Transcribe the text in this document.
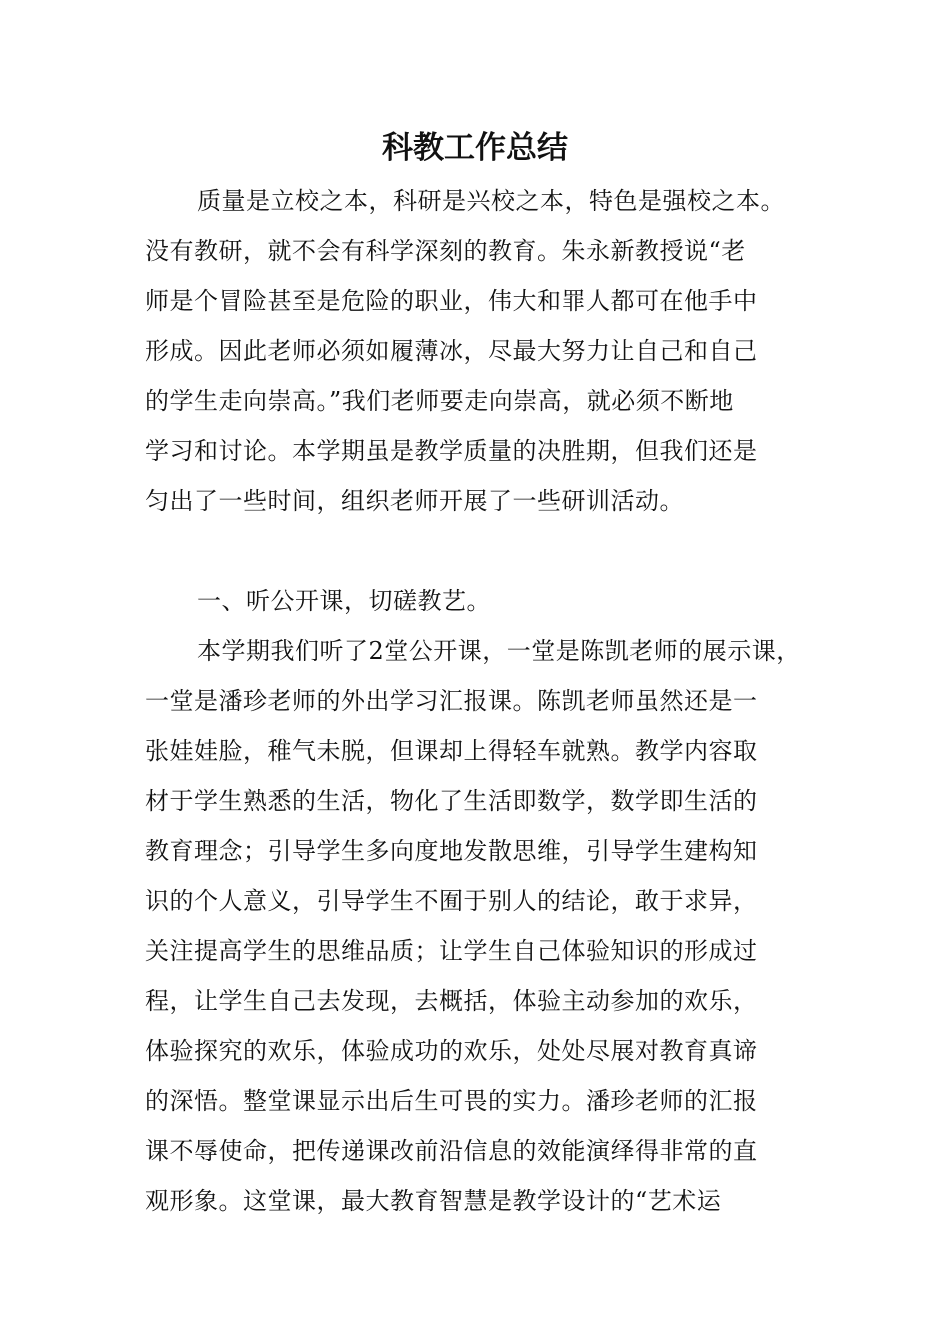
科教工作总结
质量是立校之本，科研是兴校之本，特色是强校之本。
没有教研，就不会有科学深刻的教育。朱永新教授说“老
师是个冒险甚至是危险的职业，伟大和罪人都可在他手中
形成。因此老师必须如履薄冰，尽最大努力让自己和自己
的学生走向崇高。”我们老师要走向崇高，就必须不断地
学习和讨论。本学期虽是教学质量的决胜期，但我们还是
匀出了一些时间，组织老师开展了一些研训活动。
一、听公开课，切磋教艺。
本学期我们听了2堂公开课，一堂是陈凯老师的展示课，
一堂是潘珍老师的外出学习汇报课。陈凯老师虽然还是一
张娃娃脸，稚气未脱，但课却上得轻车就熟。教学内容取
材于学生熟悉的生活，物化了生活即数学，数学即生活的
教育理念；引导学生多向度地发散思维，引导学生建构知
识的个人意义，引导学生不囿于别人的结论，敢于求异，
关注提高学生的思维品质；让学生自己体验知识的形成过
程，让学生自己去发现，去概括，体验主动参加的欢乐，
体验探究的欢乐，体验成功的欢乐，处处尽展对教育真谛
的深悟。整堂课显示出后生可畏的实力。潘珍老师的汇报
课不辱使命，把传递课改前沿信息的效能演绎得非常的直
观形象。这堂课，最大教育智慧是教学设计的“艺术运
